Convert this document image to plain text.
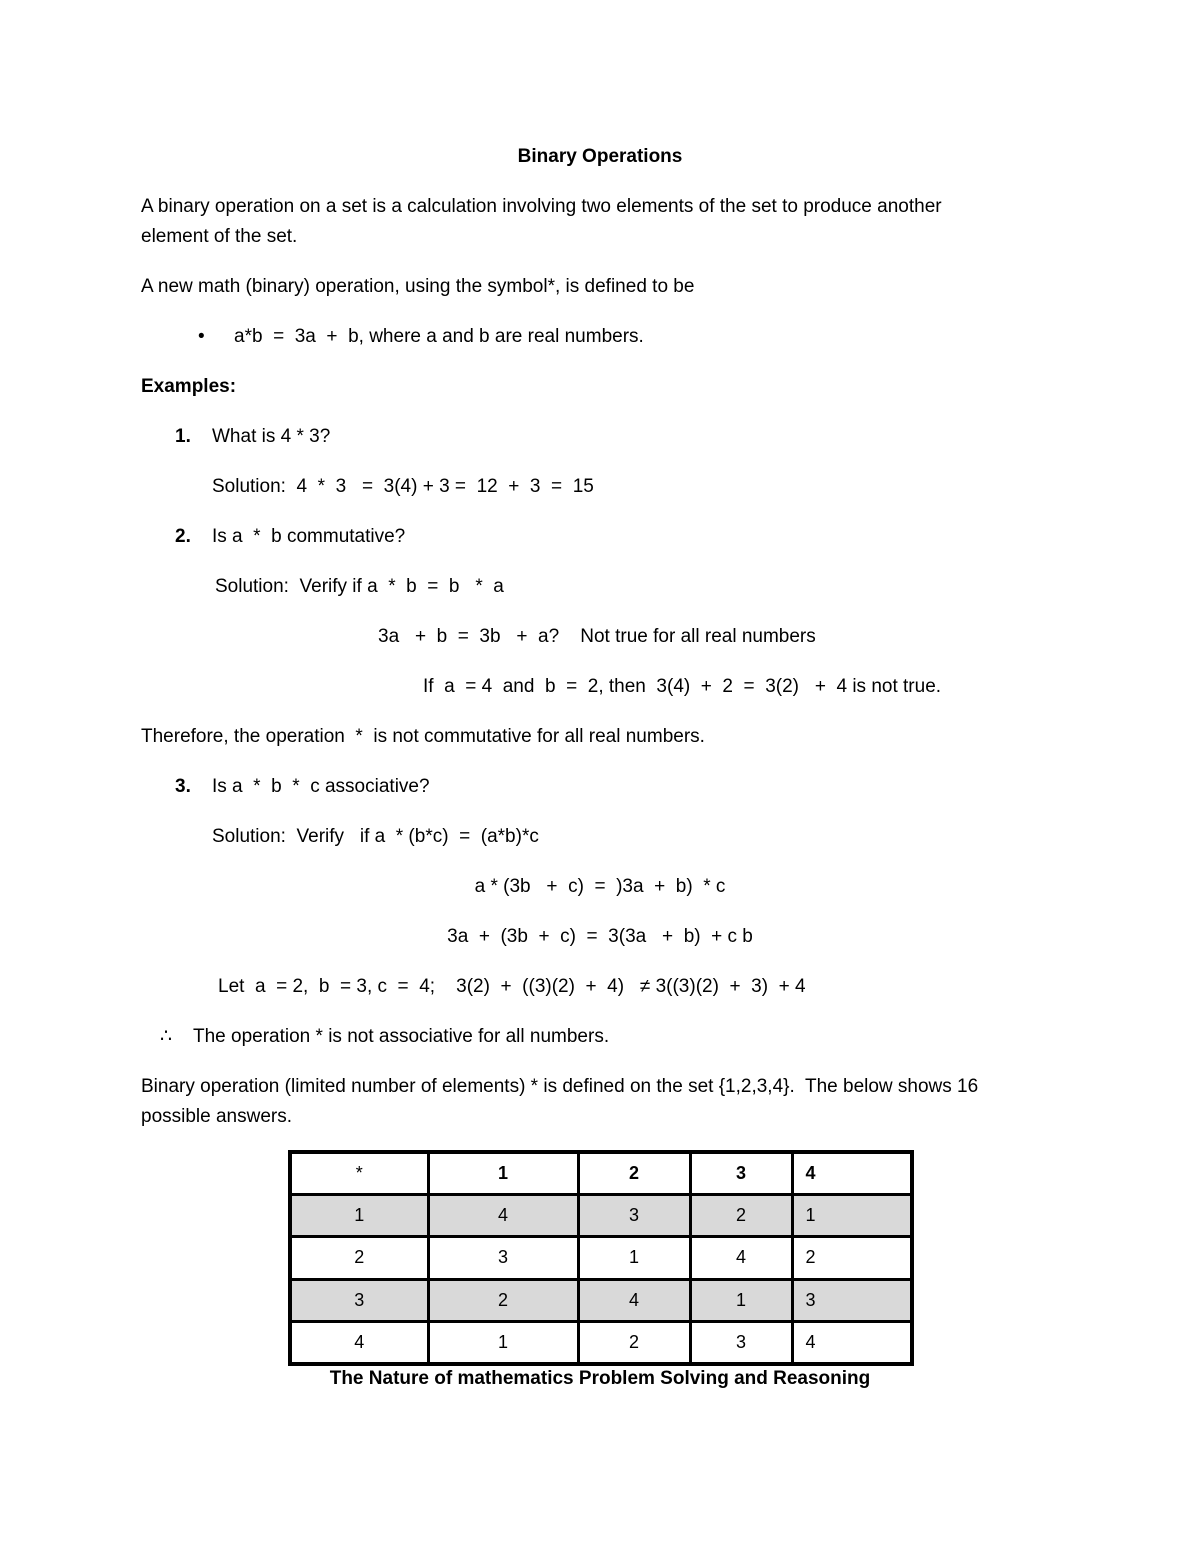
Binary Operations
A binary operation on a set is a calculation involving two elements of the set to produce another
element of the set.
A new math (binary) operation, using the symbol*, is defined to be
• a*b  =  3a  +  b, where a and b are real numbers.
Examples:
1. What is 4 * 3?
Solution:  4  *  3   =  3(4) + 3 =  12  +  3  =  15
2. Is a  *  b commutative?
Solution:  Verify if a  *  b  =  b   *  a
3a   +  b  =  3b   +  a?    Not true for all real numbers
If  a  = 4  and  b  =  2, then  3(4)  +  2  =  3(2)   +  4 is not true.
Therefore, the operation  *  is not commutative for all real numbers.
3. Is a  *  b  *  c associative?
Solution:  Verify   if a  * (b*c)  =  (a*b)*c
a * (3b   +  c)  =  )3a  +  b)  * c
3a  +  (3b  +  c)  =  3(3a   +  b)  + c b
Let  a  = 2,  b  = 3, c  =  4;    3(2)  +  ((3)(2)  +  4)   ≠ 3((3)(2)  +  3)  + 4
∴ The operation * is not associative for all numbers.
Binary operation (limited number of elements) * is defined on the set {1,2,3,4}.  The below shows 16
possible answers.
*	1	2	3	4
1	4	3	2	1
2	3	1	4	2
3	2	4	1	3
4	1	2	3	4
The Nature of mathematics Problem Solving and Reasoning
